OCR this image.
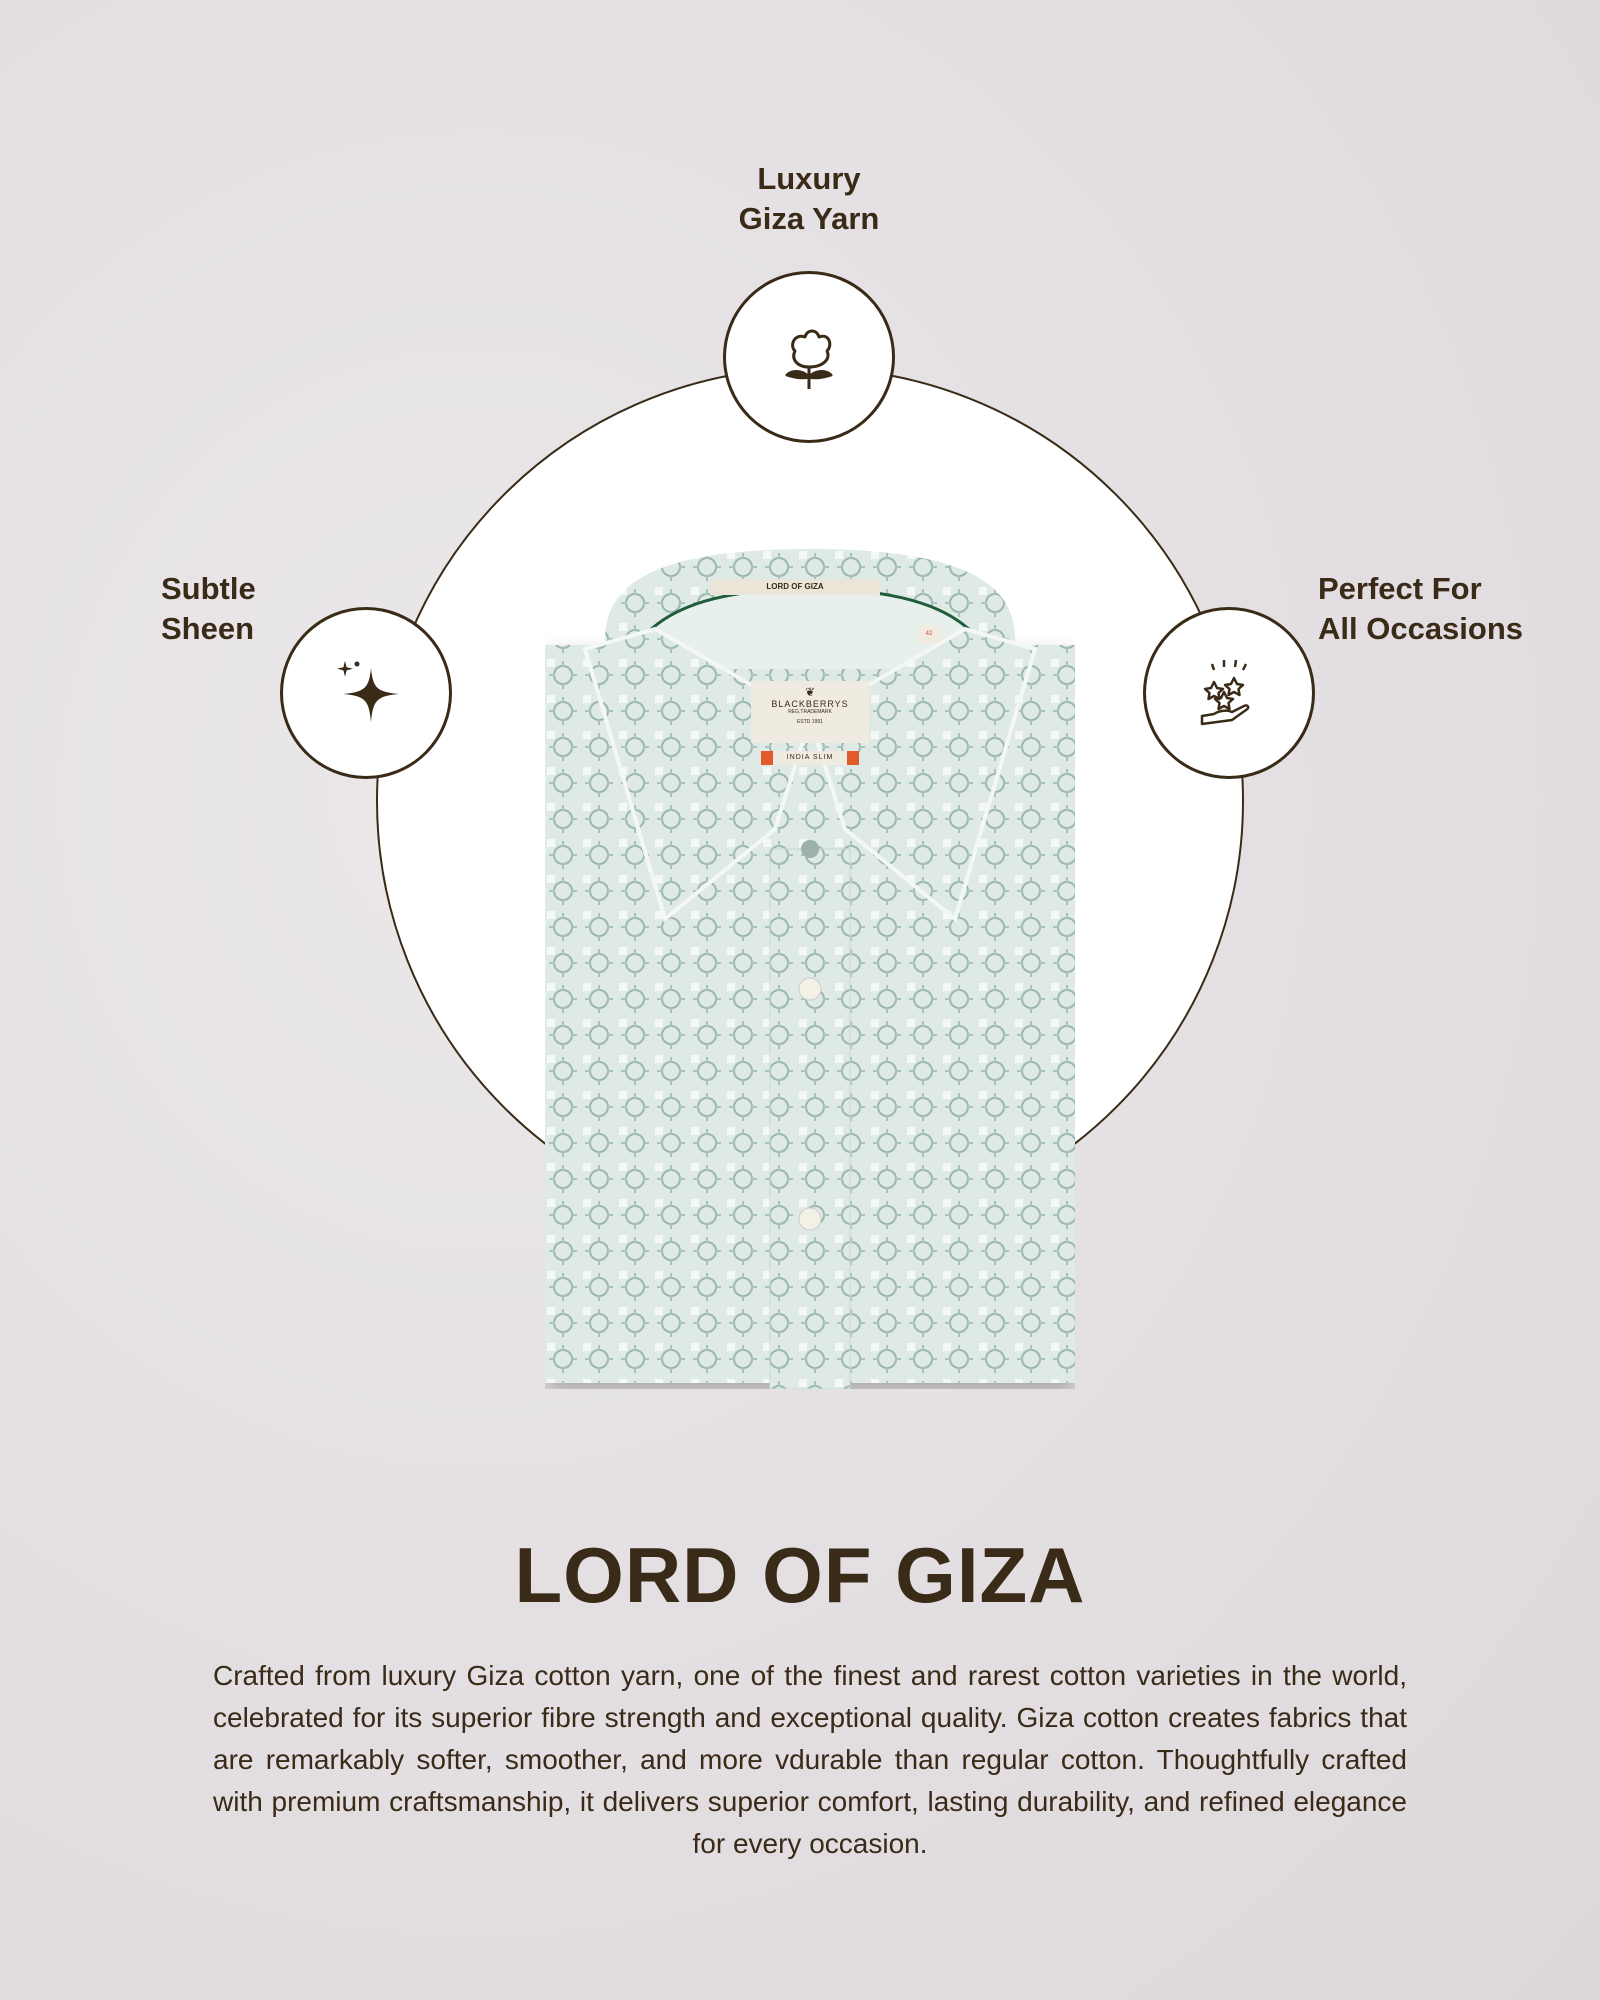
Luxury
Giza Yarn
Subtle
Sheen
Perfect For
All Occasions
LORD OF GIZA
42
❦
BLACKBERRYS
REG.TRADEMARK
ESTD 1991
INDIA SLIM
LORD OF GIZA
Crafted from luxury Giza cotton yarn, one of the finest and rarest cotton varieties in the world, celebrated for its superior fibre strength and exceptional quality. Giza cotton creates fabrics that are remarkably softer, smoother, and more vdurable than regular cotton. Thoughtfully crafted with premium craftsmanship, it delivers superior comfort, lasting durability, and refined elegance for every occasion.
